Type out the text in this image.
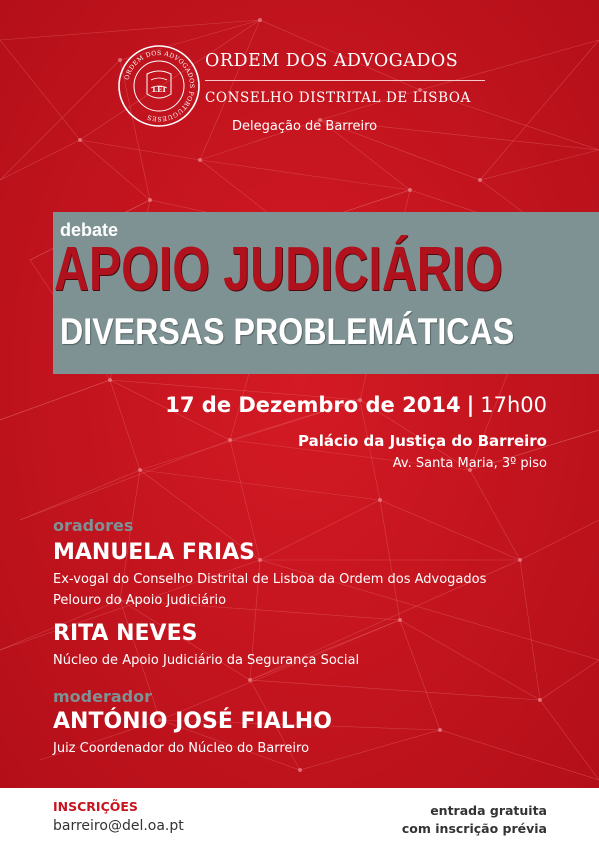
ORDEM DOS ADVOGADOS PORTUGUESES
LEI
ORDEM DOS ADVOGADOS
CONSELHO DISTRITAL DE LISBOA
Delegação de Barreiro
debate
APOIO JUDICIÁRIO
DIVERSAS PROBLEMÁTICAS
17 de Dezembro de 2014 | 17h00
Palácio da Justiça do Barreiro
Av. Santa Maria, 3º piso
oradores
MANUELA FRIAS
Ex-vogal do Conselho Distrital de Lisboa da Ordem dos Advogados
Pelouro do Apoio Judiciário
RITA NEVES
Núcleo de Apoio Judiciário da Segurança Social
moderador
ANTÓNIO JOSÉ FIALHO
Juiz Coordenador do Núcleo do Barreiro
INSCRIÇÕES
barreiro@del.oa.pt
entrada gratuita
com inscrição prévia
